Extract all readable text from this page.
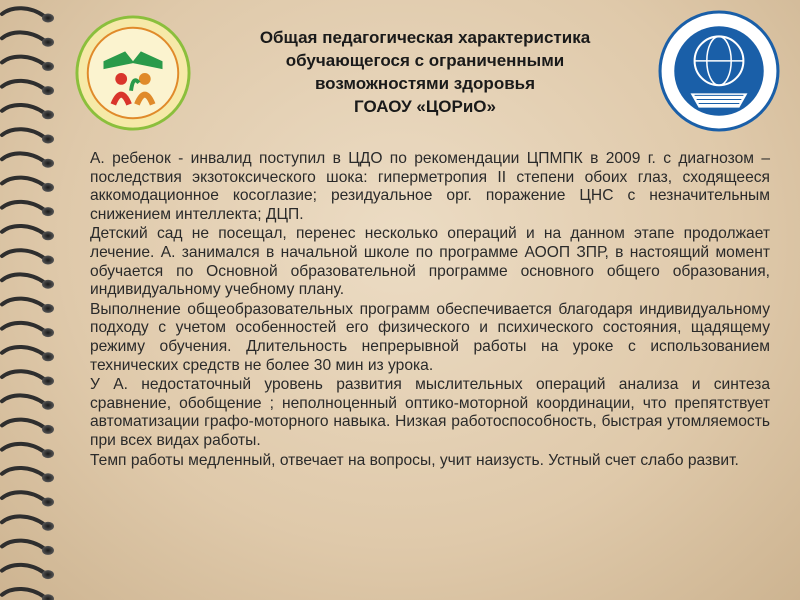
Общая педагогическая характеристика
обучающегося с ограниченными
возможностями здоровья
ГОАОУ «ЦОРиО»

А. ребенок - инвалид поступил в ЦДО по рекомендации ЦПМПК в 2009 г. с диагнозом – последствия экзотоксического шока: гиперметропия II степени обоих глаз, сходящееся аккомодационное косоглазие; резидуальное орг. поражение ЦНС с незначительным снижением интеллекта; ДЦП.

Детский сад не посещал, перенес несколько операций и на данном этапе продолжает лечение. А. занимался в начальной школе по программе АООП ЗПР, в настоящий момент обучается по Основной образовательной программе основного общего образования, индивидуальному учебному плану.

Выполнение общеобразовательных программ обеспечивается благодаря индивидуальному подходу с учетом особенностей его физического и психического состояния, щадящему режиму обучения. Длительность непрерывной работы на уроке с использованием технических средств не более 30 мин из урока.

У А. недостаточный уровень развития мыслительных операций анализа и синтеза сравнение, обобщение ; неполноценный оптико-моторной координации, что препятствует автоматизации графо-моторного навыка. Низкая работоспособность, быстрая утомляемость при всех видах работы.

Темп работы медленный, отвечает на вопросы, учит наизусть. Устный счет слабо развит.
